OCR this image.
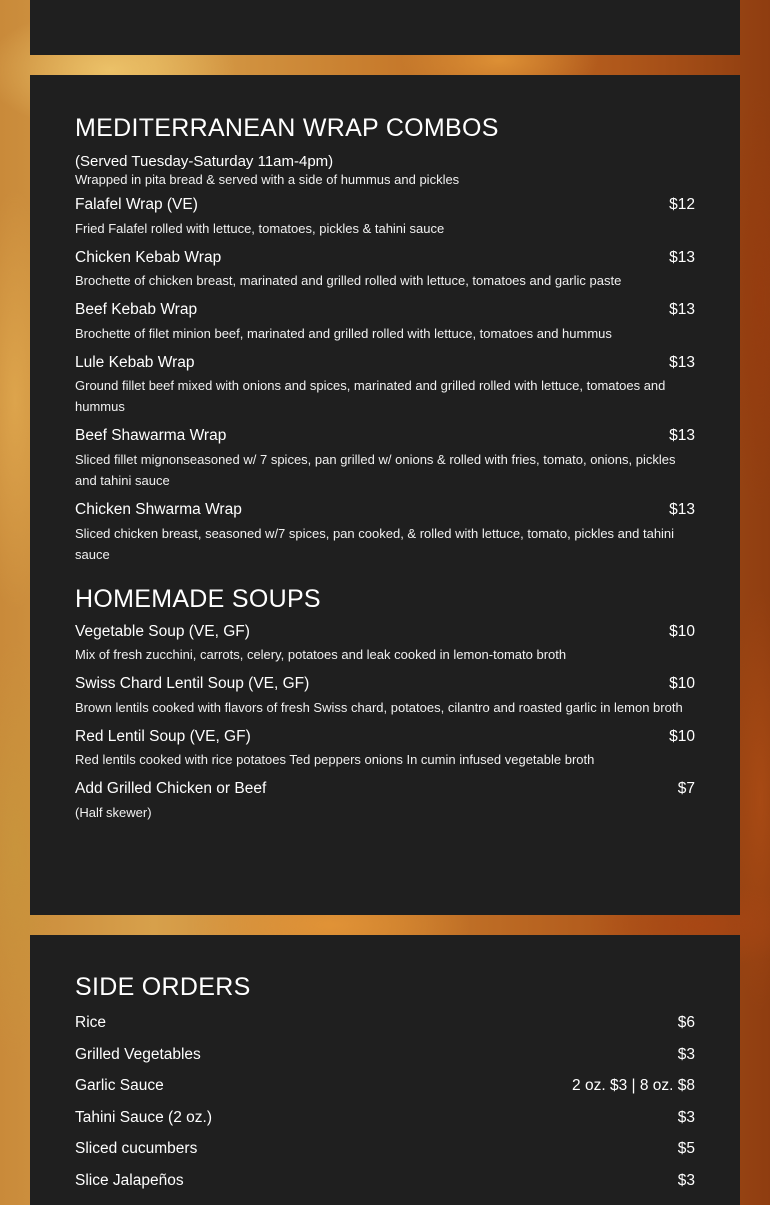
MEDITERRANEAN WRAP COMBOS

(Served Tuesday-Saturday 11am-4pm)

Wrapped in pita bread & served with a side of hummus and pickles

Falafel Wrap (VE)	$12
Fried Falafel rolled with lettuce, tomatoes, pickles & tahini sauce
Chicken Kebab Wrap	$13
Brochette of chicken breast, marinated and grilled rolled with lettuce, tomatoes and garlic paste
Beef Kebab Wrap	$13
Brochette of filet minion beef, marinated and grilled rolled with lettuce, tomatoes and hummus
Lule Kebab Wrap	$13
Ground fillet beef mixed with onions and spices, marinated and grilled rolled with lettuce, tomatoes and hummus
Beef Shawarma Wrap	$13
Sliced fillet mignonseasoned w/ 7 spices, pan grilled w/ onions & rolled with fries, tomato, onions, pickles and tahini sauce
Chicken Shwarma Wrap	$13
Sliced chicken breast, seasoned w/7 spices, pan cooked, & rolled with lettuce, tomato, pickles and tahini sauce
HOMEMADE SOUPS
Vegetable Soup (VE, GF)	$10
Mix of fresh zucchini, carrots, celery, potatoes and leak cooked in lemon-tomato broth
Swiss Chard Lentil Soup (VE, GF)	$10
Brown lentils cooked with flavors of fresh Swiss chard, potatoes, cilantro and roasted garlic in lemon broth
Red Lentil Soup (VE, GF)	$10
Red lentils cooked with rice potatoes Ted peppers onions In cumin infused vegetable broth
Add Grilled Chicken or Beef	$7
(Half skewer)
SIDE ORDERS
Rice	$6
Grilled Vegetables	$3
Garlic Sauce	2 oz. $3 | 8 oz. $8
Tahini Sauce (2 oz.)	$3
Sliced cucumbers	$5
Slice Jalapeños	$3
